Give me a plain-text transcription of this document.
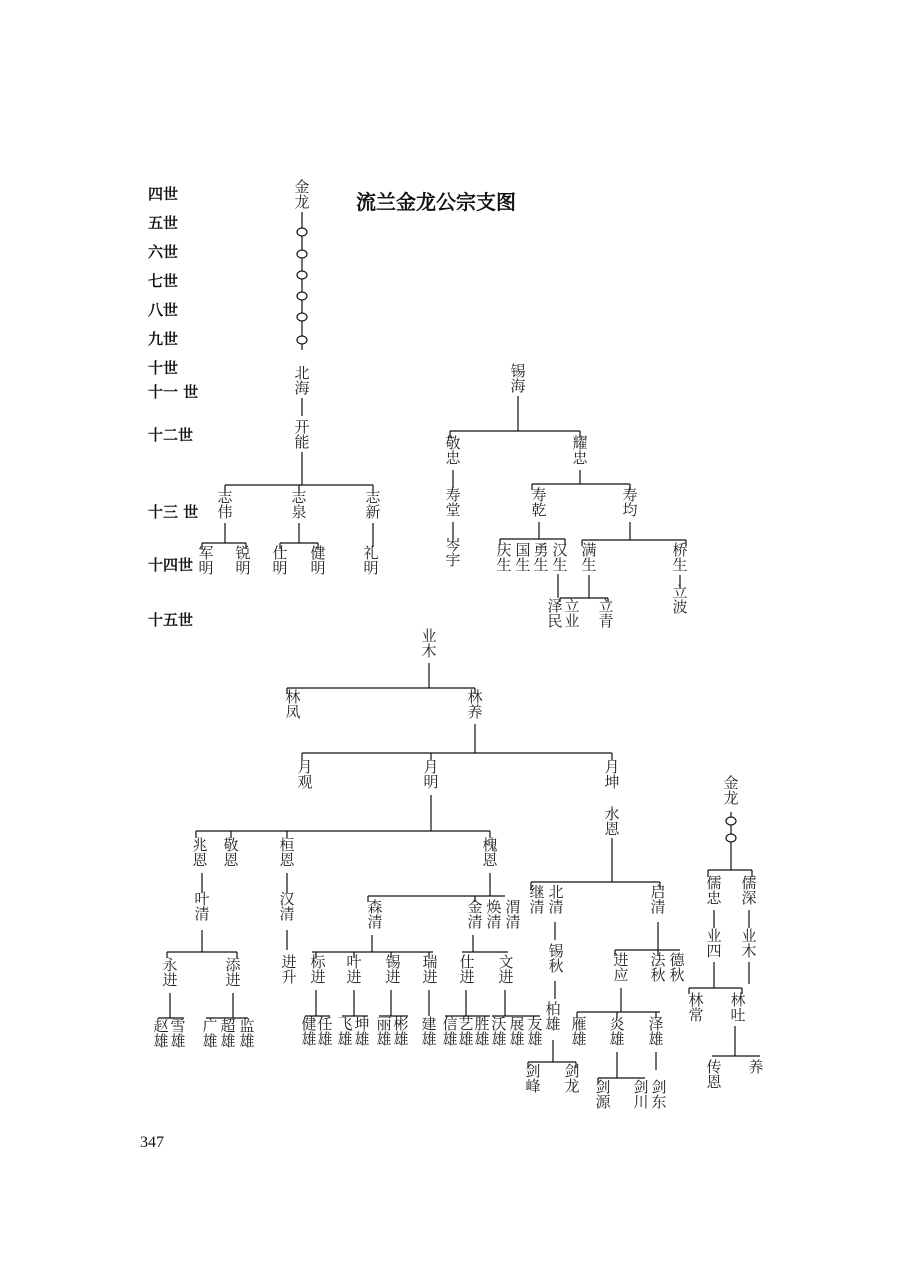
流兰金龙公宗支图
四世
五世
六世
七世
八世
九世
十世
十一 世
十二世
十三 世
十四世
十五世
金龙
北海
开能
志伟
志泉
志新
军明
锐明
仕明
健明
礼明
锡海
敬忠
耀忠
寿堂
岑宇
寿乾
寿均
庆生
国生
勇生
汉生
满生
桥生
泽民
立业
立青
立波
业木
林凤
林养
月观
月明
月坤
水恩
兆恩
敬恩
桓恩
槐恩
叶清
汉清	森清
金清
焕清
渭清
继清
北清
启清
永进
添进
进升
标进
叶进
锡进
瑞进
仕进
文进
锡秋	进应
法秋
德秋
赵雄
雪雄
广雄
超雄
监雄
健雄
任雄
飞雄
坤雄
丽雄
彬雄
建雄
信雄
艺雄
胜雄
沃雄
展雄
友雄
柏雄 雁雄
炎雄
泽雄
剑峰
剑龙 剑源
剑川
剑东
金龙
儒忠
儒深
业四
业木
林常
林吐
传恩
养
347
